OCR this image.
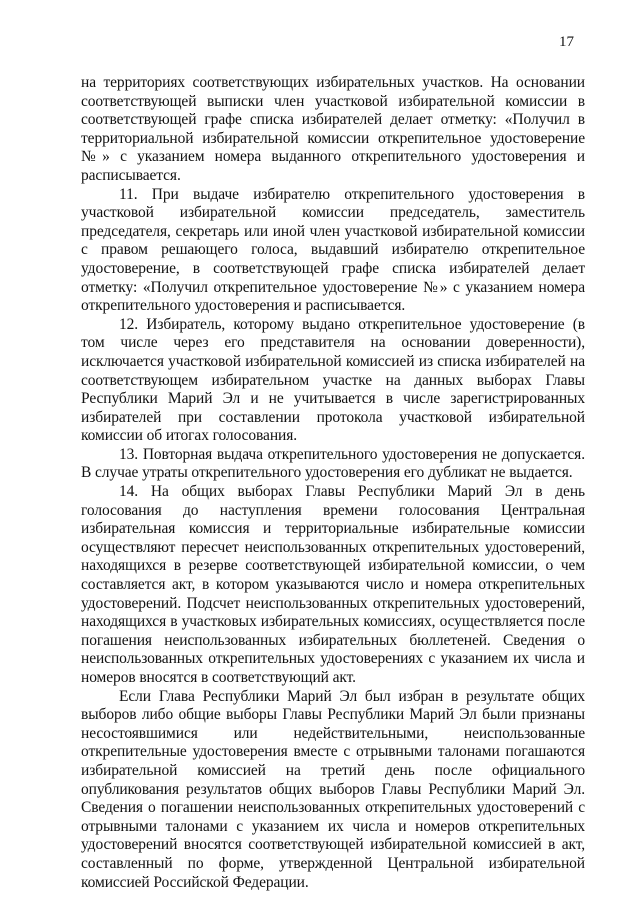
17

на территориях соответствующих избирательных участков. На основании соответствующей выписки член участковой избирательной комиссии в соответствующей графе списка избирателей делает отметку: «Получил в территориальной избирательной комиссии открепительное удостоверение №» с указанием номера выданного открепительного удостоверения и расписывается.

11. При выдаче избирателю открепительного удостоверения в участковой избирательной комиссии председатель, заместитель председателя, секретарь или иной член участковой избирательной комиссии с правом решающего голоса, выдавший избирателю открепительное удостоверение, в соответствующей графе списка избирателей делает отметку: «Получил открепительное удостоверение №» с указанием номера открепительного удостоверения и расписывается.

12. Избиратель, которому выдано открепительное удостоверение (в том числе через его представителя на основании доверенности), исключается участковой избирательной комиссией из списка избирателей на соответствующем избирательном участке на данных выборах Главы Республики Марий Эл и не учитывается в числе зарегистрированных избирателей при составлении протокола участковой избирательной комиссии об итогах голосования.

13. Повторная выдача открепительного удостоверения не допускается. В случае утраты открепительного удостоверения его дубликат не выдается.

14. На общих выборах Главы Республики Марий Эл в день голосования до наступления времени голосования Центральная избирательная комиссия и территориальные избирательные комиссии осуществляют пересчет неиспользованных открепительных удостоверений, находящихся в резерве соответствующей избирательной комиссии, о чем составляется акт, в котором указываются число и номера открепительных удостоверений. Подсчет неиспользованных открепительных удостоверений, находящихся в участковых избирательных комиссиях, осуществляется после погашения неиспользованных избирательных бюллетеней. Сведения о неиспользованных открепительных удостоверениях с указанием их числа и номеров вносятся в соответствующий акт.

Если Глава Республики Марий Эл был избран в результате общих выборов либо общие выборы Главы Республики Марий Эл были признаны несостоявшимися или недействительными, неиспользованные открепительные удостоверения вместе с отрывными талонами погашаются избирательной комиссией на третий день после официального опубликования результатов общих выборов Главы Республики Марий Эл. Сведения о погашении неиспользованных открепительных удостоверений с отрывными талонами с указанием их числа и номеров открепительных удостоверений вносятся соответствующей избирательной комиссией в акт, составленный по форме, утвержденной Центральной избирательной комиссией Российской Федерации.
